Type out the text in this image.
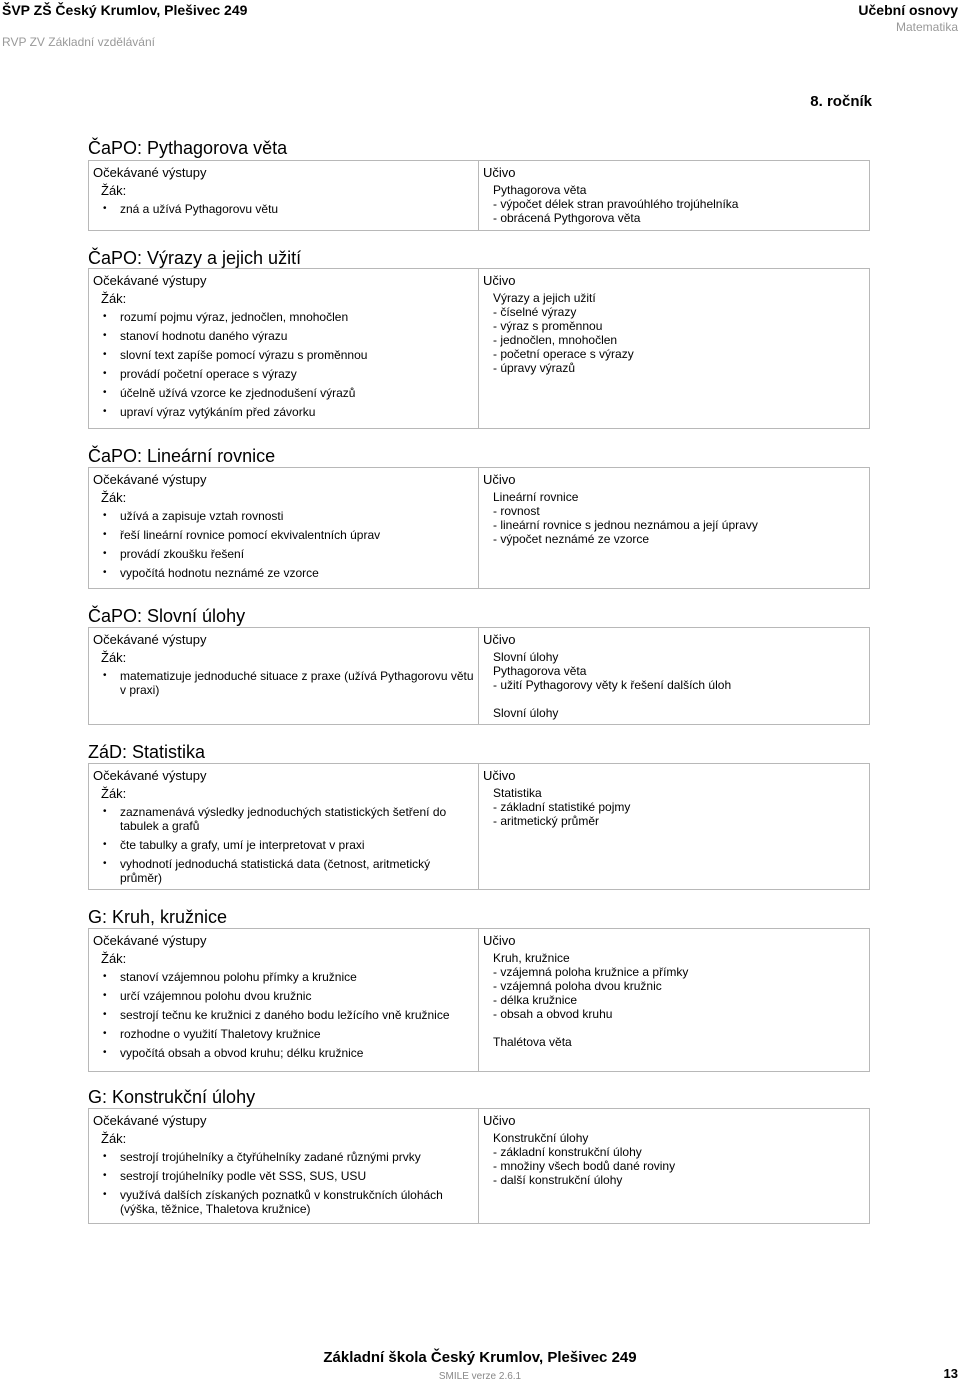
ŠVP ZŠ Český Krumlov, Plešivec 249
RVP ZV Základní vzdělávání
Učební osnovy
Matematika
8. ročník
ČaPO: Pythagorova věta
Očekávané výstupy
Žák:
• zná a užívá Pythagorovu větu
Učivo
Pythagorova věta
- výpočet délek stran pravoúhlého trojúhelníka
- obrácená Pythgorova věta
ČaPO: Výrazy a jejich užití
Očekávané výstupy
Žák:
• rozumí pojmu výraz, jednočlen, mnohočlen
• stanoví hodnotu daného výrazu
• slovní text zapíše pomocí výrazu s proměnnou
• provádí početní operace s výrazy
• účelně užívá vzorce ke zjednodušení výrazů
• upraví výraz vytýkáním před závorku
Učivo
Výrazy a jejich užití
- číselné výrazy
- výraz s proměnnou
- jednočlen, mnohočlen
- početní operace s výrazy
- úpravy výrazů
ČaPO: Lineární rovnice
Očekávané výstupy
Žák:
• užívá a zapisuje vztah rovnosti
• řeší lineární rovnice pomocí ekvivalentních úprav
• provádí zkoušku řešení
• vypočítá hodnotu neznámé ze vzorce
Učivo
Lineární rovnice
- rovnost
- lineární rovnice s jednou neznámou a její úpravy
- výpočet neznámé ze vzorce
ČaPO: Slovní úlohy
Očekávané výstupy
Žák:
• matematizuje jednoduché situace z praxe (užívá Pythagorovu větu v praxi)
Učivo
Slovní úlohy
Pythagorova věta
- užití Pythagorovy věty k řešení dalších úloh
Slovní úlohy
ZáD: Statistika
Očekávané výstupy
Žák:
• zaznamenává výsledky jednoduchých statistických šetření do tabulek a grafů
• čte tabulky a grafy, umí je interpretovat v praxi
• vyhodnotí jednoduchá statistická data (četnost, aritmetický průměr)
Učivo
Statistika
- základní statistiké pojmy
- aritmetický průměr
G: Kruh, kružnice
Očekávané výstupy
Žák:
• stanoví vzájemnou polohu přímky a kružnice
• určí vzájemnou polohu dvou kružnic
• sestrojí tečnu ke kružnici z daného bodu ležícího vně kružnice
• rozhodne o využití Thaletovy kružnice
• vypočítá obsah a obvod kruhu; délku kružnice
Učivo
Kruh, kružnice
- vzájemná poloha kružnice a přímky
- vzájemná poloha dvou kružnic
- délka kružnice
- obsah a obvod kruhu
Thalétova věta
G: Konstrukční úlohy
Očekávané výstupy
Žák:
• sestrojí trojúhelníky a čtyřúhelníky zadané různými prvky
• sestrojí trojúhelníky podle vět SSS, SUS, USU
• využívá dalších získaných poznatků v konstrukčních úlohách (výška, těžnice, Thaletova kružnice)
Učivo
Konstrukční úlohy
- základní konstrukční úlohy
- množiny všech bodů dané roviny
- další konstrukční úlohy
Základní škola Český Krumlov, Plešivec 249
SMILE verze 2.6.1	13
